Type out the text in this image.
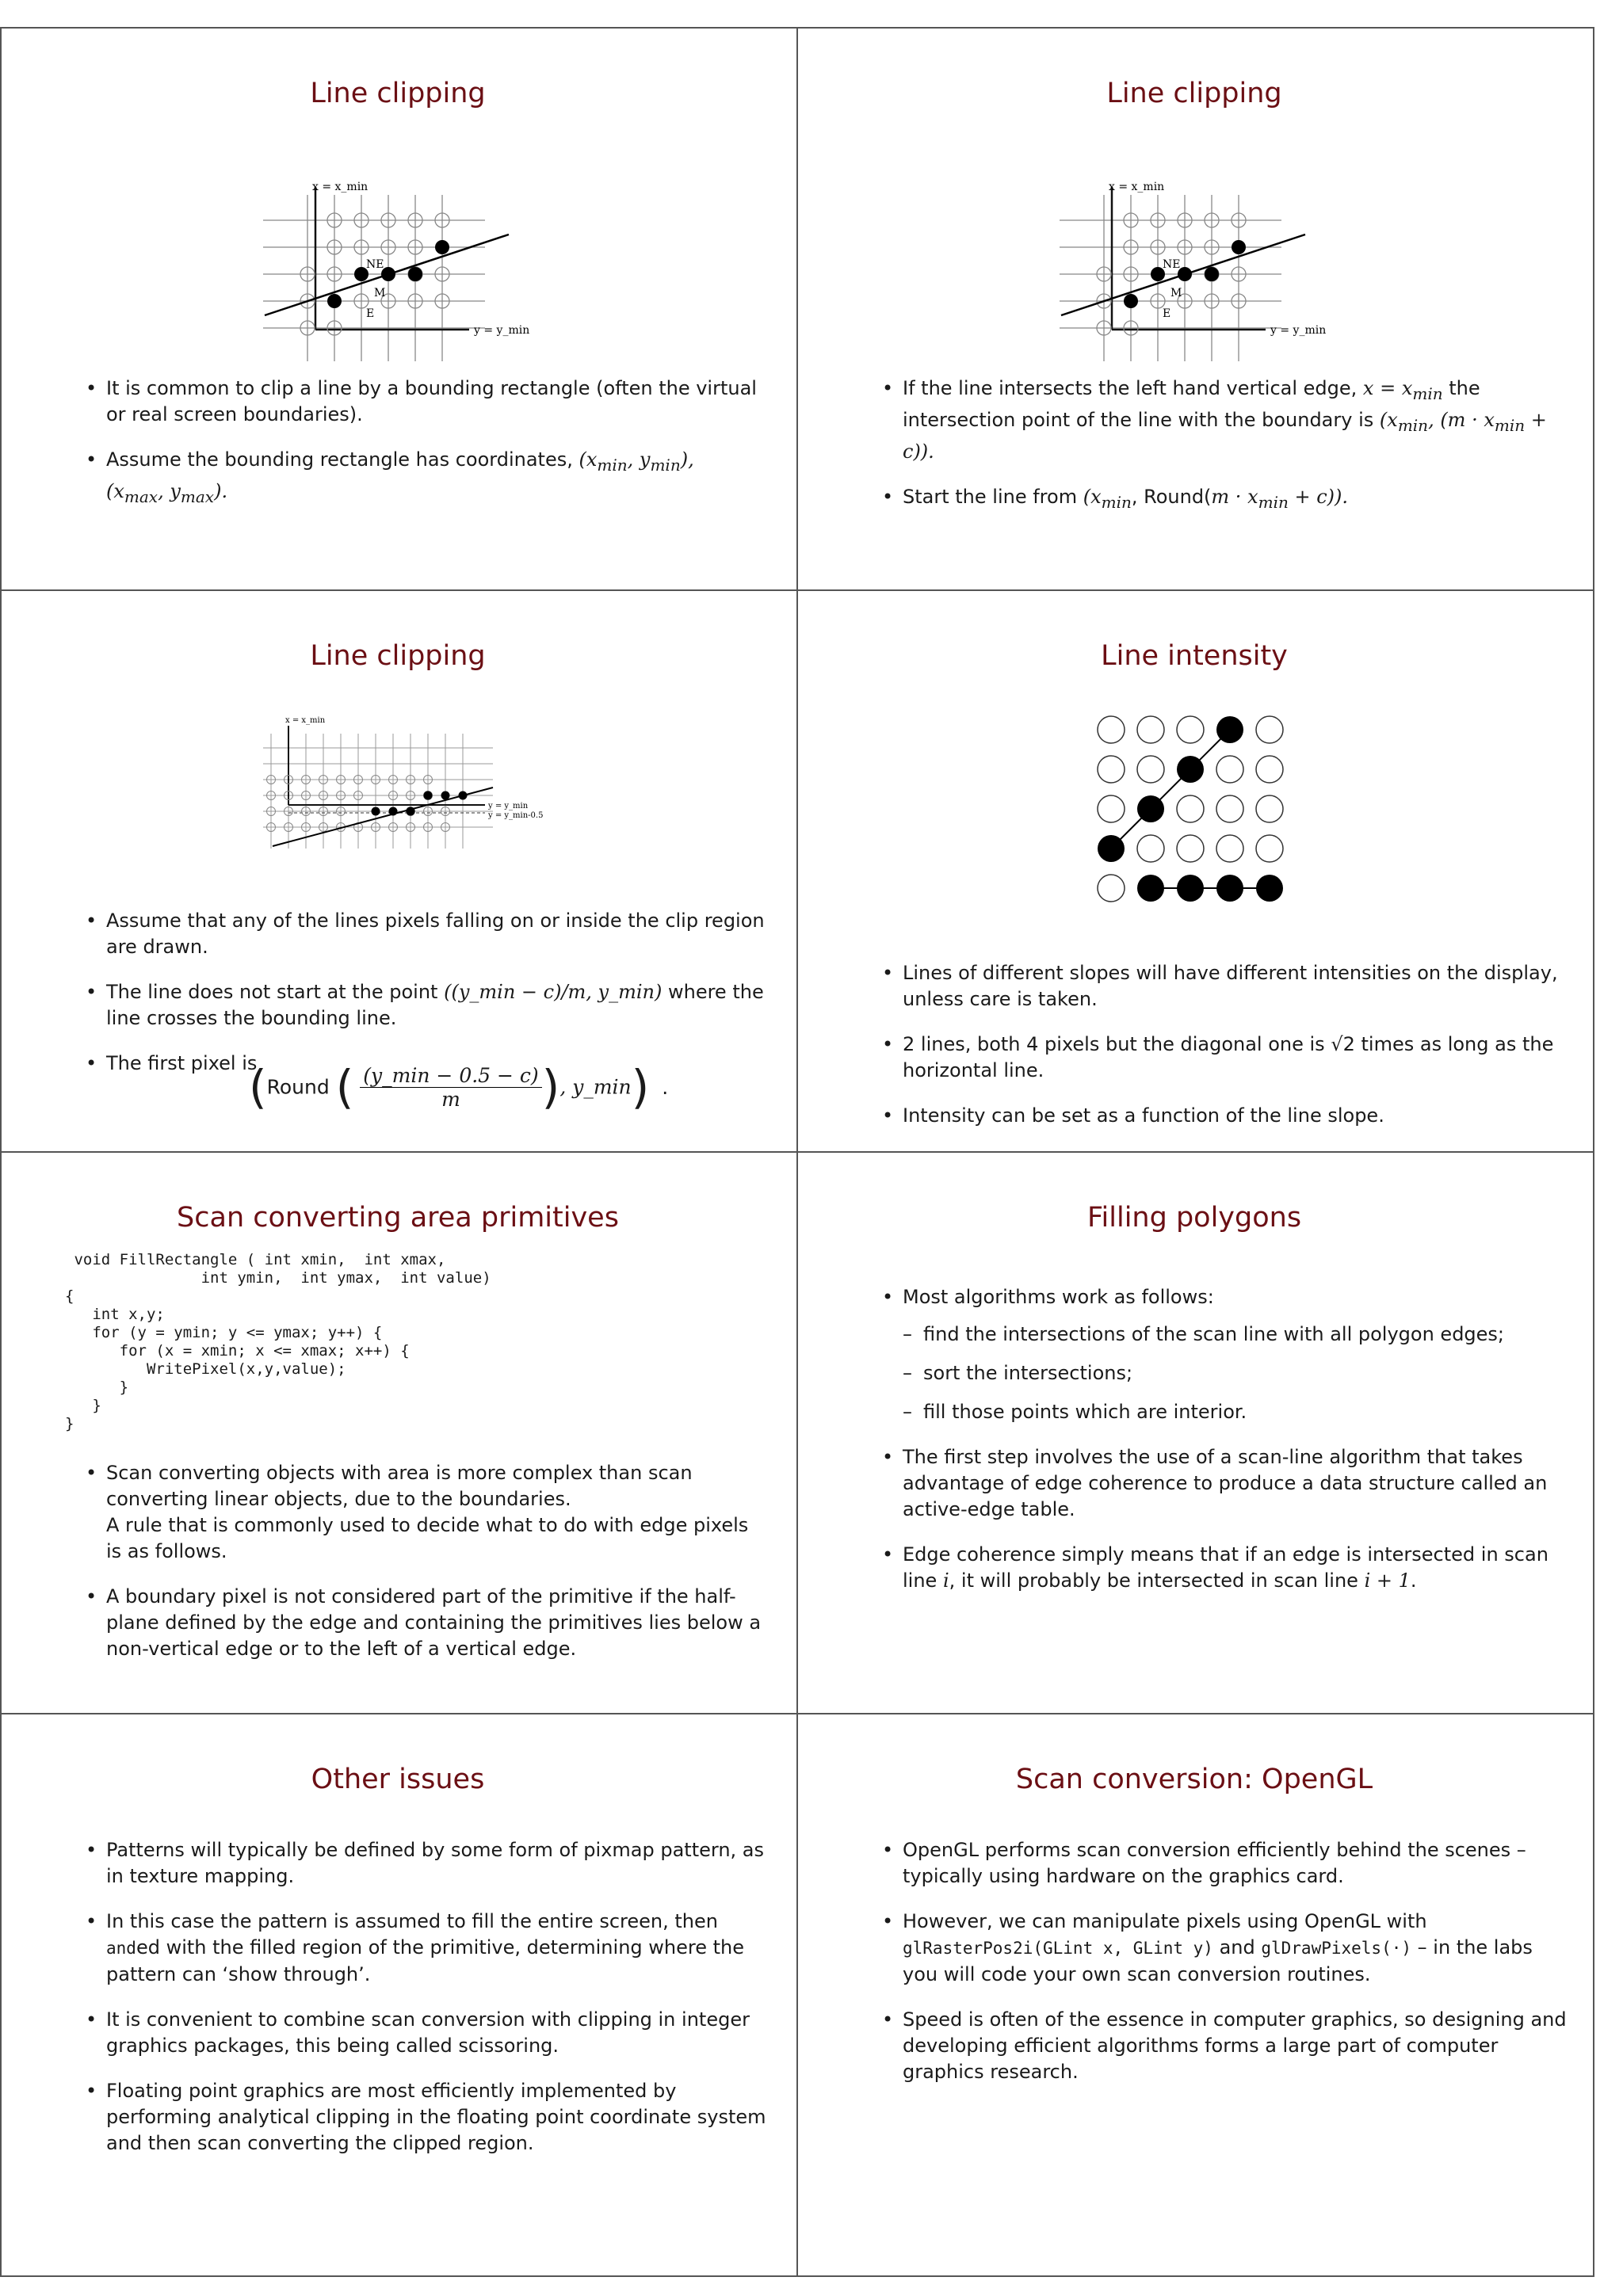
Line clipping
x = x_min
y = y_min
NE
M
E
• It is common to clip a line by a bounding rectangle (often the virtual or real screen boundaries).
• Assume the bounding rectangle has coordinates, ($x_{min}$, $y_{min}$),
($x_{max}$, $y_{max}$).
Line clipping
x = x_min
y = y_min
NE
M
E
• If the line intersects the left hand vertical edge, $x = x_{min}$ the intersection point of the line with the boundary is ($x_{min}$, $(m \cdot x_{min} + c)$).
• Start the line from ($x_{min}$, Round(m · $x_{min} + c$)).
Line clipping
x = x_min
y = y_min
y = y_min-0.5
• Assume that any of the lines pixels falling on or inside the clip region are drawn.
• The line does not start at the point ((y_min − c)/m, y_min) where the line crosses the bounding line.
• The first pixel is
(Round ( (y_min − 0.5 − c)
m	), y_min) .
Line intensity
• Lines of different slopes will have different intensities on the display, unless care is taken.
• 2 lines, both 4 pixels but the diagonal one is √2 times as long as the horizontal line.
• Intensity can be set as a function of the line slope.
Scan converting area primitives
void FillRectangle ( int xmin,  int xmax,
int ymin,  int ymax,  int value)
{
int x,y;
for (y = ymin; y <= ymax; y++) {
for (x = xmin; x <= xmax; x++) {
WritePixel(x,y,value);
}
}
}
• Scan converting objects with area is more complex than scan converting linear objects, due to the boundaries.
A rule that is commonly used to decide what to do with edge pixels is as follows.
• A boundary pixel is not considered part of the primitive if the half-plane defined by the edge and containing the primitives lies below a non-vertical edge or to the left of a vertical edge.
Filling polygons
• Most algorithms work as follows:
– find the intersections of the scan line with all polygon edges;
– sort the intersections;
– fill those points which are interior.
• The first step involves the use of a scan-line algorithm that takes advantage of edge coherence to produce a data structure called an active-edge table.
• Edge coherence simply means that if an edge is intersected in scan line i, it will probably be intersected in scan line i + 1.
Other issues
• Patterns will typically be defined by some form of pixmap pattern, as in texture mapping.
• In this case the pattern is assumed to fill the entire screen, then anded with the filled region of the primitive, determining where the pattern can ‘show through’.
• It is convenient to combine scan conversion with clipping in integer graphics packages, this being called scissoring.
• Floating point graphics are most efficiently implemented by performing analytical clipping in the floating point coordinate system and then scan converting the clipped region.
Scan conversion: OpenGL
• OpenGL performs scan conversion efficiently behind the scenes – typically using hardware on the graphics card.
• However, we can manipulate pixels using OpenGL with glRasterPos2i(GLint x, GLint y) and glDrawPixels(·) – in the labs you will code your own scan conversion routines.
• Speed is often of the essence in computer graphics, so designing and developing efficient algorithms forms a large part of computer graphics research.
